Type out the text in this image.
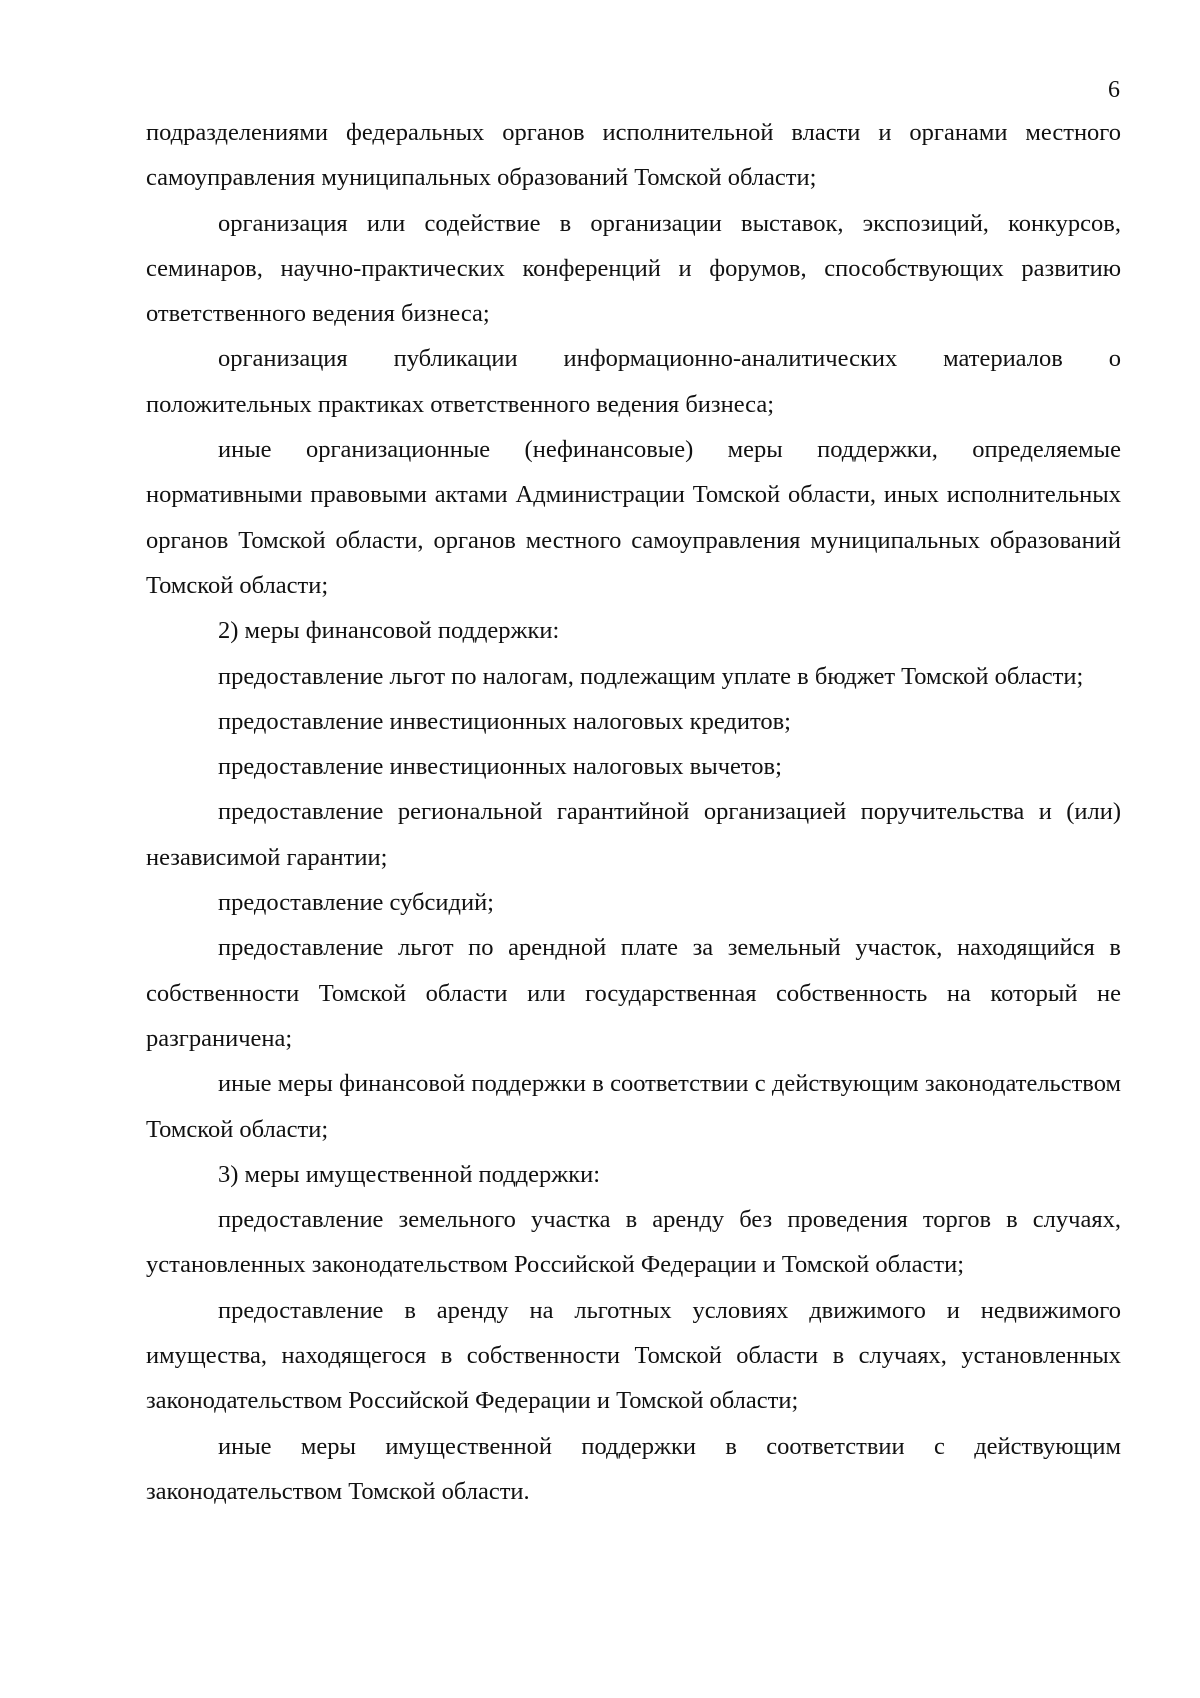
6

подразделениями федеральных органов исполнительной власти и органами местного самоуправления муниципальных образований Томской области;

организация или содействие в организации выставок, экспозиций, конкурсов, семинаров, научно-практических конференций и форумов, способствующих развитию ответственного ведения бизнеса;

организация публикации информационно-аналитических материалов о положительных практиках ответственного ведения бизнеса;

иные организационные (нефинансовые) меры поддержки, определяемые нормативными правовыми актами Администрации Томской области, иных исполнительных органов Томской области, органов местного самоуправления муниципальных образований Томской области;

2) меры финансовой поддержки:

предоставление льгот по налогам, подлежащим уплате в бюджет Томской области;

предоставление инвестиционных налоговых кредитов;

предоставление инвестиционных налоговых вычетов;

предоставление региональной гарантийной организацией поручительства и (или) независимой гарантии;

предоставление субсидий;

предоставление льгот по арендной плате за земельный участок, находящийся в собственности Томской области или государственная собственность на который не разграничена;

иные меры финансовой поддержки в соответствии с действующим законодательством Томской области;

3) меры имущественной поддержки:

предоставление земельного участка в аренду без проведения торгов в случаях, установленных законодательством Российской Федерации и Томской области;

предоставление в аренду на льготных условиях движимого и недвижимого имущества, находящегося в собственности Томской области в случаях, установленных законодательством Российской Федерации и Томской области;

иные меры имущественной поддержки в соответствии с действующим законодательством Томской области.
